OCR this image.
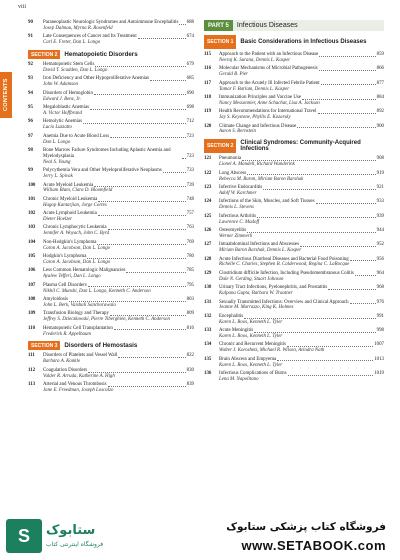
viii
CONTENTS
90	Paraneoplastic Neurologic Syndromes and Autoimmune Encephalitis 688
Josep Dalmau, Myrna R. Rosenfeld
91	Late Consequences of Cancer and Its Treatment	674
Carl E. Freter, Dan L. Longo
SECTION 2	Hematopoietic Disorders
92	Hematopoietic Stem Cells	679
David T. Scadden, Dan L. Longo
93	Iron Deficiency and Other Hypoproliferative Anemias	685
John W. Adamson
94	Disorders of Hemoglobin	690
Edward J. Benz, Jr.
95	Megaloblastic Anemias	698
A. Victor Hoffbrand
96	Hemolytic Anemias	712
Lucio Luzzatto
97	Anemia Due to Acute Blood Loss	723
Dan L. Longo
98	Bone Marrow Failure Syndromes Including Aplastic Anemia and Myelodysplasia	723
Neal S. Young
99	Polycythemia Vera and Other Myeloproliferative Neoplasms	733
Jerry L. Spivak
100	Acute Myeloid Leukemia	739
William Blum, Clara D. Bloomfield
101	Chronic Myeloid Leukemia	748
Hagop Kantarjian, Jorge Cortes
102	Acute Lymphoid Leukemia	757
Dieter Hoelzer
103	Chronic Lymphocytic Leukemia	763
Jennifer A. Woyach, John C. Byrd
104	Non-Hodgkin's Lymphoma	769
Caron A. Jacobson, Dan L. Longo
105	Hodgkin's Lymphoma	780
Caron A. Jacobson, Dan L. Longo
106	Less Common Hematologic Malignancies	785
Ayalew Tefferi, Dan L. Longo
107	Plasma Cell Disorders	795
Nikhil C. Munshi, Dan L. Longo, Kenneth C. Anderson
108	Amyloidosis	803
John L. Berk, Vaishali Sanchorawala
109	Transfusion Biology and Therapy	809
Jeffrey S. Dzieczkowski, Pierre Tiberghien, Kenneth C. Anderson
110	Hematopoietic Cell Transplantation	816
Frederick R. Appelbaum
SECTION 3	Disorders of Hemostasis
111	Disorders of Platelets and Vessel Wall	822
Barbara A. Konkle
112	Coagulation Disorders	830
Valder R. Arruda, Katherine A. High
113	Arterial and Venous Thrombosis	839
Jane E. Freedman, Joseph Loscalzo
PART 5	Infectious Diseases
SECTION 1	Basic Considerations in Infectious Diseases
115	Approach to the Patient with an Infectious Disease	859
Neeraj K. Surana, Dennis L. Kasper
116	Molecular Mechanisms of Microbial Pathogenesis	866
Gerald B. Pier
117	Approach to the Acutely Ill Infected Febrile Patient	877
Tamar F. Barlam, Dennis L. Kasper
118	Immunization Principles and Vaccine Use	884
Nancy Messonnier, Anne Schuchat, Lisa A. Jackson
119	Health Recommendations for International Travel	892
Jay S. Keystone, Phyllis E. Kozarsky
120	Climate Change and Infectious Disease	900
Aaron S. Bernstein
SECTION 2
Clinical Syndromes: Community-Acquired Infections
121	Pneumonia	908
Lionel A. Mandell, Richard Wunderink
122	Lung Abscess	919
Rebecca M. Baron, Miriam Baron Barshak
123	Infective Endocarditis	921
Adolf W. Karchmer
124	Infections of the Skin, Muscles, and Soft Tissues	933
Dennis L. Stevens
125	Infectious Arthritis	939
Lawrence C. Madoff
126	Osteomyelitis	944
Werner Zimmerli
127	Intraabdominal Infections and Abscesses	952
Miriam Baron Barshak, Dennis L. Kasper
128	Acute Infectious Diarrheal Diseases and Bacterial Food Poisoning	956
Richelle C. Charles, Stephen B. Calderwood, Regina C. LaRocque
129	Clostridium difficile Infection, Including Pseudomembranous Colitis	964
Dale N. Gerding, Stuart Johnson
130	Urinary Tract Infections, Pyelonephritis, and Prostatitis	968
Kalpana Gupta, Barbara W. Trautner
131	Sexually Transmitted Infections: Overview and Clinical Approach	976
Jeanne M. Marrazzo, King K. Holmes
132	Encephalitis	991
Karen L. Roos, Kenneth L. Tyler
133	Acute Meningitis	998
Karen L. Roos, Kenneth L. Tyler
134	Chronic and Recurrent Meningitis	1007
Walter J. Koroshetz, Michael R. Wilson, Avindra Nath
135	Brain Abscess and Empyema	1013
Karen L. Roos, Kenneth L. Tyler
136	Infectious Complications of Burns	1019
Lena M. Napolitano
S	ستابوک
فروشگاه اینترنتی کتاب
فروشگاه کتاب پزشکی ستابوک
www.SETABOOK.com
